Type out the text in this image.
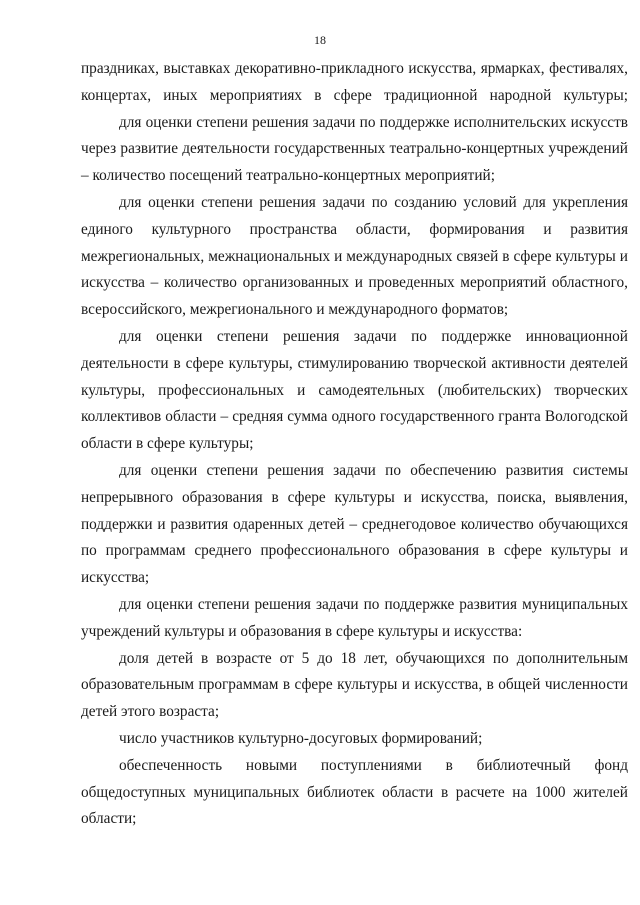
18

праздниках, выставках декоративно-прикладного искусства, ярмарках, фестивалях, концертах, иных мероприятиях в сфере традиционной народной культуры;

для оценки степени решения задачи по поддержке исполнительских искусств через развитие деятельности государственных театрально-концертных учреждений – количество посещений театрально-концертных мероприятий;

для оценки степени решения задачи по созданию условий для укрепления единого культурного пространства области, формирования и развития межрегиональных, межнациональных и международных связей в сфере культуры и искусства – количество организованных и проведенных мероприятий областного, всероссийского, межрегионального и международного форматов;

для оценки степени решения задачи по поддержке инновационной деятельности в сфере культуры, стимулированию творческой активности деятелей культуры, профессиональных и самодеятельных (любительских) творческих коллективов области – средняя сумма одного государственного гранта Вологодской области в сфере культуры;

для оценки степени решения задачи по обеспечению развития системы непрерывного образования в сфере культуры и искусства, поиска, выявления, поддержки и развития одаренных детей – среднегодовое количество обучающихся по программам среднего профессионального образования в сфере культуры и искусства;

для оценки степени решения задачи по поддержке развития муниципальных учреждений культуры и образования в сфере культуры и искусства:

доля детей в возрасте от 5 до 18 лет, обучающихся по дополнительным образовательным программам в сфере культуры и искусства, в общей численности детей этого возраста;

число участников культурно-досуговых формирований;

обеспеченность новыми поступлениями в библиотечный фонд общедоступных муниципальных библиотек области в расчете на 1000 жителей области;
